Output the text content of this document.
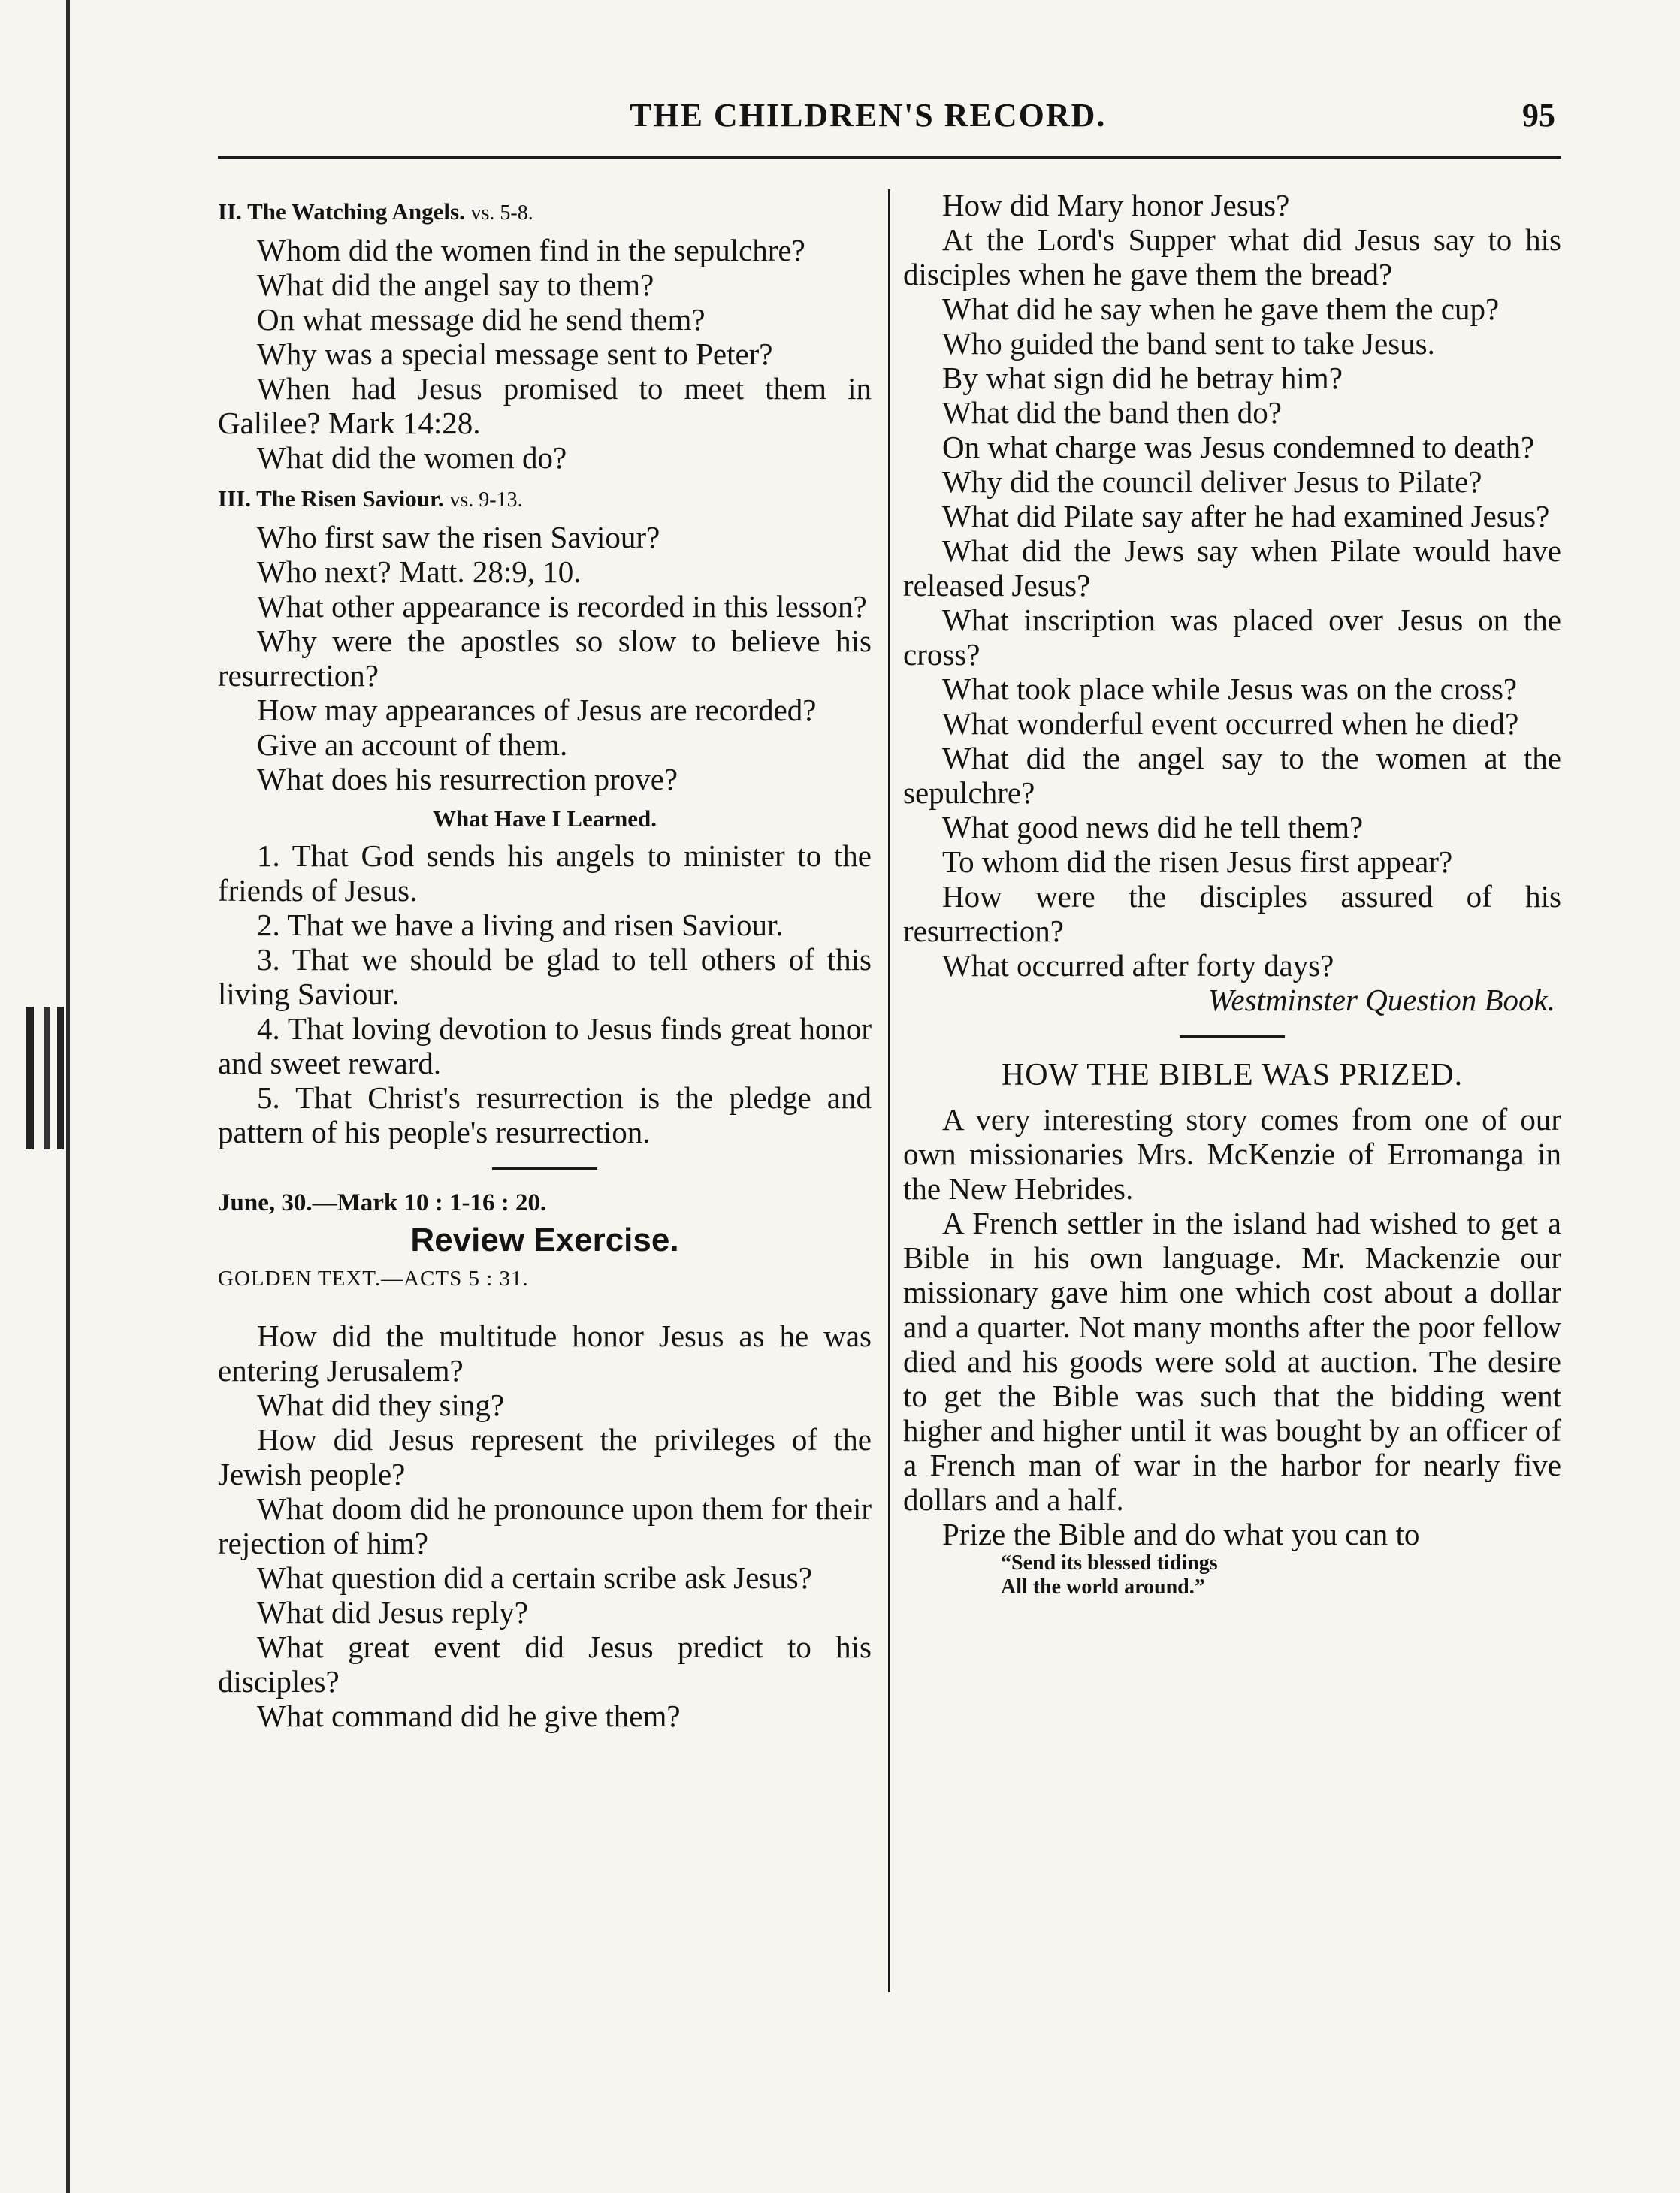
THE CHILDREN'S RECORD.	95
II. The Watching Angels. vs. 5-8.

Whom did the women find in the sepulchre?

What did the angel say to them?

On what message did he send them?

Why was a special message sent to Peter?

When had Jesus promised to meet them in Galilee? Mark 14:28.

What did the women do?

III. The Risen Saviour. vs. 9-13.

Who first saw the risen Saviour?

Who next? Matt. 28:9, 10.

What other appearance is recorded in this lesson?

Why were the apostles so slow to believe his resurrection?

How may appearances of Jesus are recorded?

Give an account of them.

What does his resurrection prove?

What Have I Learned.

1. That God sends his angels to minister to the friends of Jesus.

2. That we have a living and risen Saviour.

3. That we should be glad to tell others of this living Saviour.

4. That loving devotion to Jesus finds great honor and sweet reward.

5. That Christ's resurrection is the pledge and pattern of his people's resurrection.

June, 30.—Mark 10 : 1-16 : 20.
Review Exercise.
GOLDEN TEXT.—ACTS 5 : 31.

How did the multitude honor Jesus as he was entering Jerusalem?

What did they sing?

How did Jesus represent the privileges of the Jewish people?

What doom did he pronounce upon them for their rejection of him?

What question did a certain scribe ask Jesus?

What did Jesus reply?

What great event did Jesus predict to his disciples?

What command did he give them?

How did Mary honor Jesus?

At the Lord's Supper what did Jesus say to his disciples when he gave them the bread?

What did he say when he gave them the cup?

Who guided the band sent to take Jesus.

By what sign did he betray him?

What did the band then do?

On what charge was Jesus condemned to death?

Why did the council deliver Jesus to Pilate?

What did Pilate say after he had examined Jesus?

What did the Jews say when Pilate would have released Jesus?

What inscription was placed over Jesus on the cross?

What took place while Jesus was on the cross?

What wonderful event occurred when he died?

What did the angel say to the women at the sepulchre?

What good news did he tell them?

To whom did the risen Jesus first appear?

How were the disciples assured of his resurrection?

What occurred after forty days?

Westminster Question Book.
HOW THE BIBLE WAS PRIZED.

A very interesting story comes from one of our own missionaries Mrs. McKenzie of Erromanga in the New Hebrides.

A French settler in the island had wished to get a Bible in his own language. Mr. Mackenzie our missionary gave him one which cost about a dollar and a quarter. Not many months after the poor fellow died and his goods were sold at auction. The desire to get the Bible was such that the bidding went higher and higher until it was bought by an officer of a French man of war in the harbor for nearly five dollars and a half.

Prize the Bible and do what you can to

“Send its blessed tidings
All the world around.”
